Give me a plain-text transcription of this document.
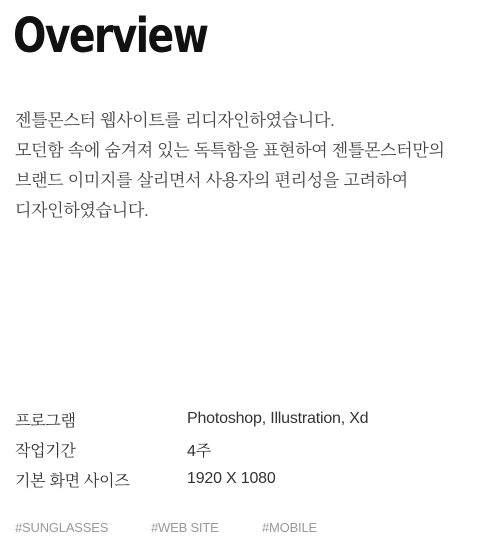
Overview

젠틀몬스터 웹사이트를 리디자인하였습니다.

모던함 속에 숨겨져 있는 독특함을 표현하여 젠틀몬스터만의

브랜드 이미지를 살리면서 사용자의 편리성을 고려하여

디자인하였습니다.

프로그램	Photoshop, Illustration, Xd
작업기간	4주
기본 화면 사이즈	1920 X 1080
#SUNGLASSES	#WEB SITE	#MOBILE
